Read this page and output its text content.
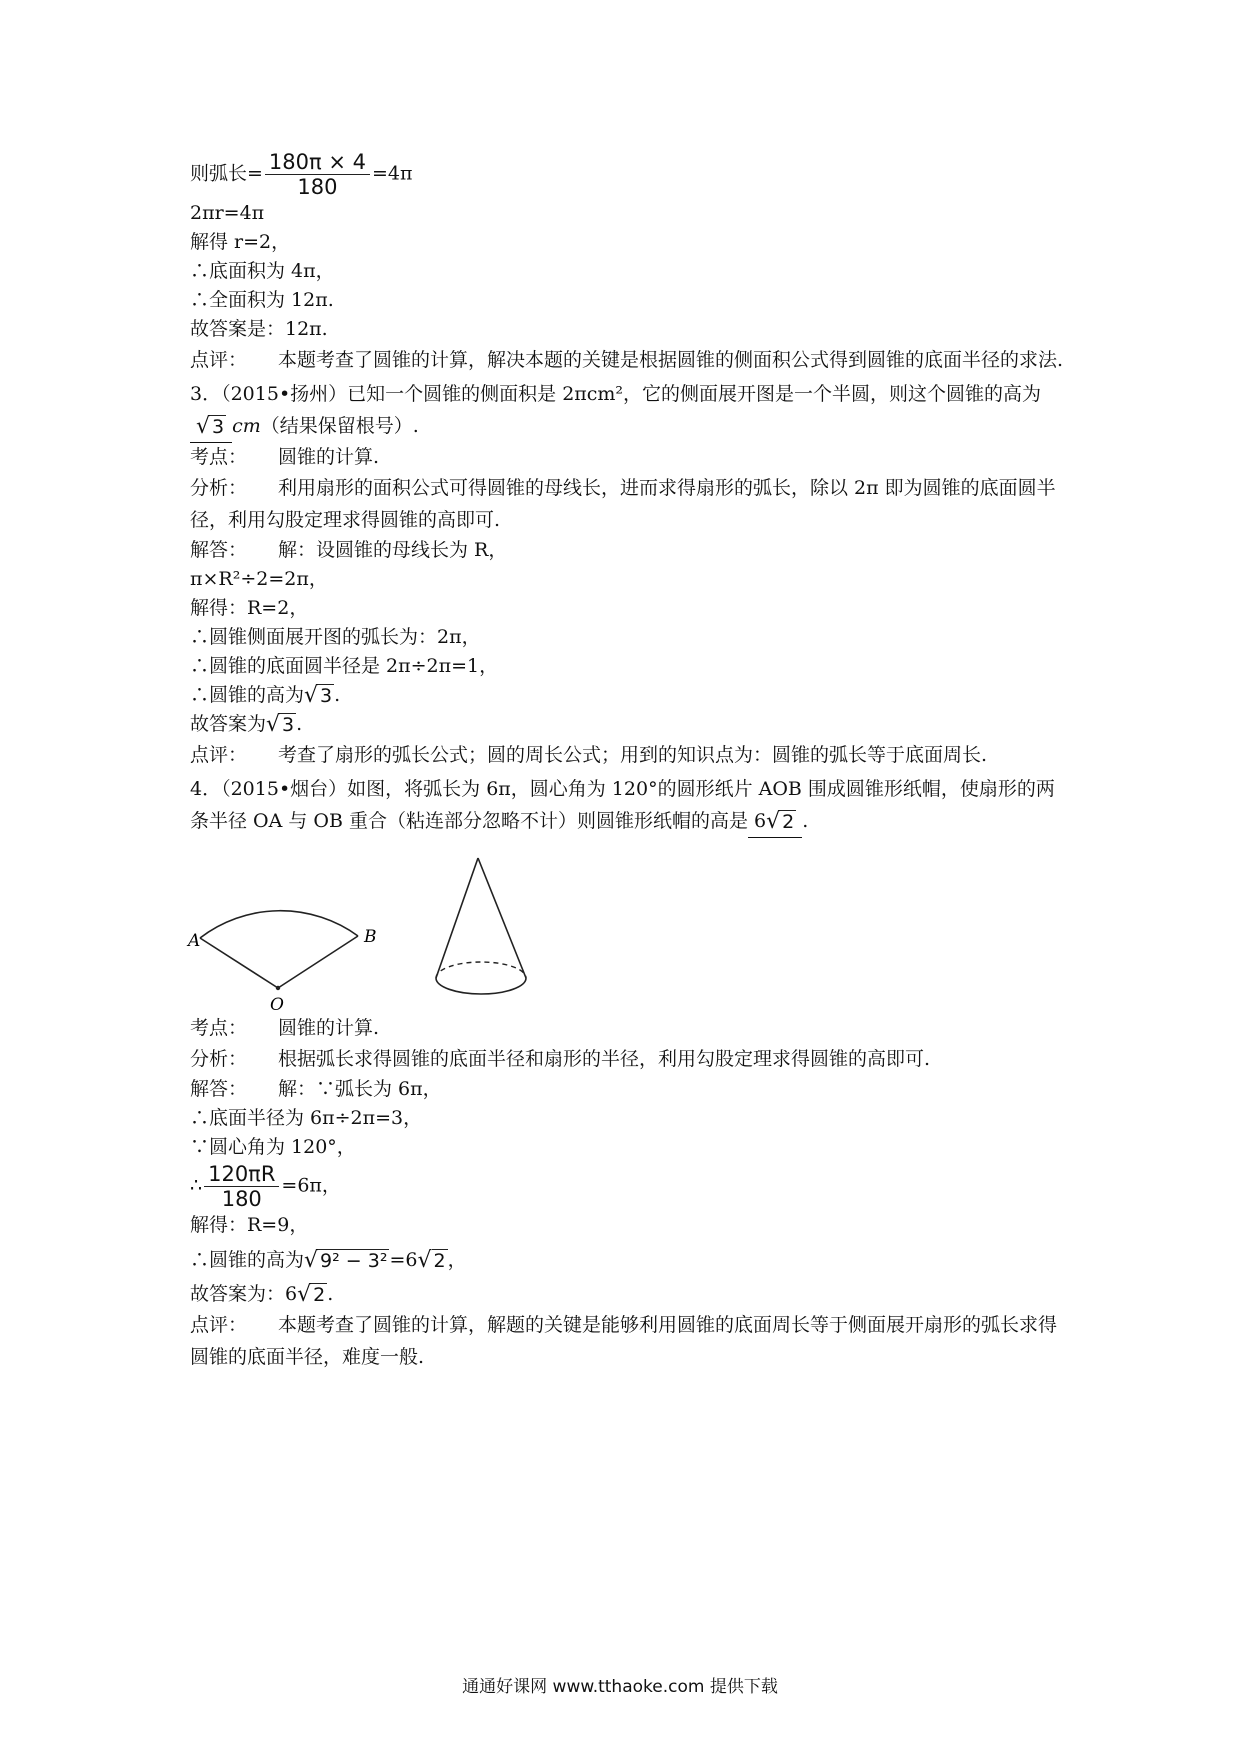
则弧长= $\frac{180\pi \times 4}{180} =4\pi$
2πr=4π
解得 r=2，
∴底面积为 4π，
∴全面积为 12π.
故答案是：12π.
点评： 本题考查了圆锥的计算，解决本题的关键是根据圆锥的侧面积公式得到圆锥的底面半径的求法.
3．（2015•扬州）已知一个圆锥的侧面积是 2πcm²，它的侧面展开图是一个半圆，则这个圆锥的高为
√ 3 cm（结果保留根号）.
考点： 圆锥的计算.
分析： 利用扇形的面积公式可得圆锥的母线长，进而求得扇形的弧长，除以 2π 即为圆锥的底面圆半径，利用勾股定理求得圆锥的高即可.
解答： 解：设圆锥的母线长为 R，
π×R²÷2=2π，
解得：R=2，
∴圆锥侧面展开图的弧长为：2π，
∴圆锥的底面圆半径是 2π÷2π=1，
∴圆锥的高为 √ 3 .
故答案为 √ 3 .
点评： 考查了扇形的弧长公式；圆的周长公式；用到的知识点为：圆锥的弧长等于底面周长.
4．（2015•烟台）如图，将弧长为 6π，圆心角为 120°的圆形纸片 AOB 围成圆锥形纸帽，使扇形的两条半径 OA 与 OB 重合（粘连部分忽略不计）则圆锥形纸帽的高是 6 √ 2 .
A	B
O
考点： 圆锥的计算.
分析： 根据弧长求得圆锥的底面半径和扇形的半径，利用勾股定理求得圆锥的高即可.
解答： 解：∵弧长为 6π，
∴底面半径为 6π÷2π=3，
∵圆心角为 120°，
∴ $\frac{120\pi R}{180} =6\pi$，
解得：R=9，
∴圆锥的高为 √ 9² − 3² =6 √ 2 ，
故答案为：6 √ 2 .
点评： 本题考查了圆锥的计算，解题的关键是能够利用圆锥的底面周长等于侧面展开扇形的弧长求得圆锥的底面半径，难度一般.
通通好课网 www.tthaoke.com 提供下载
